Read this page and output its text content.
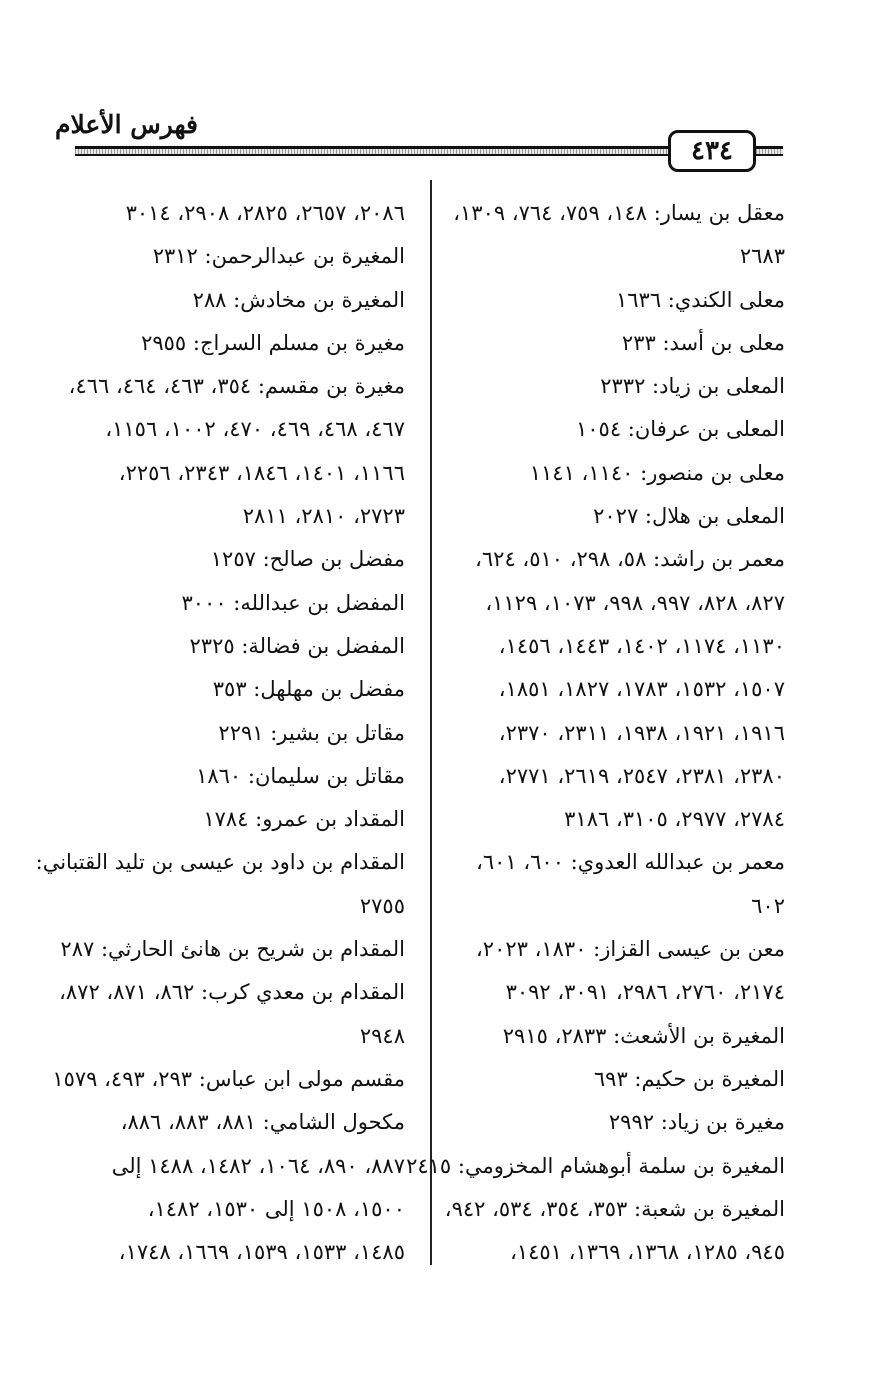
فهرس الأعلام
٤٣٤
معقل بن يسار: ١٤٨، ٧٥٩، ٧٦٤، ١٣٠٩،
٢٦٨٣
معلى الكندي: ١٦٣٦
معلى بن أسد: ٢٣٣
المعلى بن زياد: ٢٣٣٢
المعلى بن عرفان: ١٠٥٤
معلى بن منصور: ١١٤٠، ١١٤١
المعلى بن هلال: ٢٠٢٧
معمر بن راشد: ٥٨، ٢٩٨، ٥١٠، ٦٢٤،
٨٢٧، ٨٢٨، ٩٩٧، ٩٩٨، ١٠٧٣، ١١٢٩،
١١٣٠، ١١٧٤، ١٤٠٢، ١٤٤٣، ١٤٥٦،
١٥٠٧، ١٥٣٢، ١٧٨٣، ١٨٢٧، ١٨٥١،
١٩١٦، ١٩٢١، ١٩٣٨، ٢٣١١، ٢٣٧٠،
٢٣٨٠، ٢٣٨١، ٢٥٤٧، ٢٦١٩، ٢٧٧١،
٢٧٨٤، ٢٩٧٧، ٣١٠٥، ٣١٨٦
معمر بن عبدالله العدوي: ٦٠٠، ٦٠١،
٦٠٢
معن بن عيسى القزاز: ١٨٣٠، ٢٠٢٣،
٢١٧٤، ٢٧٦٠، ٢٩٨٦، ٣٠٩١، ٣٠٩٢
المغيرة بن الأشعث: ٢٨٣٣، ٢٩١٥
المغيرة بن حكيم: ٦٩٣
مغيرة بن زياد: ٢٩٩٢
المغيرة بن سلمة أبوهشام المخزومي: ٢٤١٥
المغيرة بن شعبة: ٣٥٣، ٣٥٤، ٥٣٤، ٩٤٢،
٩٤٥، ١٢٨٥، ١٣٦٨، ١٣٦٩، ١٤٥١،
٢٠٨٦، ٢٦٥٧، ٢٨٢٥، ٢٩٠٨، ٣٠١٤
المغيرة بن عبدالرحمن: ٢٣١٢
المغيرة بن مخادش: ٢٨٨
مغيرة بن مسلم السراج: ٢٩٥٥
مغيرة بن مقسم: ٣٥٤، ٤٦٣، ٤٦٤، ٤٦٦،
٤٦٧، ٤٦٨، ٤٦٩، ٤٧٠، ١٠٠٢، ١١٥٦،
١١٦٦، ١٤٠١، ١٨٤٦، ٢٣٤٣، ٢٢٥٦،
٢٧٢٣، ٢٨١٠، ٢٨١١
مفضل بن صالح: ١٢٥٧
المفضل بن عبدالله: ٣٠٠٠
المفضل بن فضالة: ٢٣٢٥
مفضل بن مهلهل: ٣٥٣
مقاتل بن بشير: ٢٢٩١
مقاتل بن سليمان: ١٨٦٠
المقداد بن عمرو: ١٧٨٤
المقدام بن داود بن عيسى بن تليد القتباني:
٢٧٥٥
المقدام بن شريح بن هانئ الحارثي: ٢٨٧
المقدام بن معدي كرب: ٨٦٢، ٨٧١، ٨٧٢،
٢٩٤٨
مقسم مولى ابن عباس: ٢٩٣، ٤٩٣، ١٥٧٩
مكحول الشامي: ٨٨١، ٨٨٣، ٨٨٦،
٨٨٧، ٨٩٠، ١٠٦٤، ١٤٨٢، ١٤٨٨ إلى
١٥٠٠، ١٥٠٨ إلى ١٥٣٠، ١٤٨٢،
١٤٨٥، ١٥٣٣، ١٥٣٩، ١٦٦٩، ١٧٤٨،
